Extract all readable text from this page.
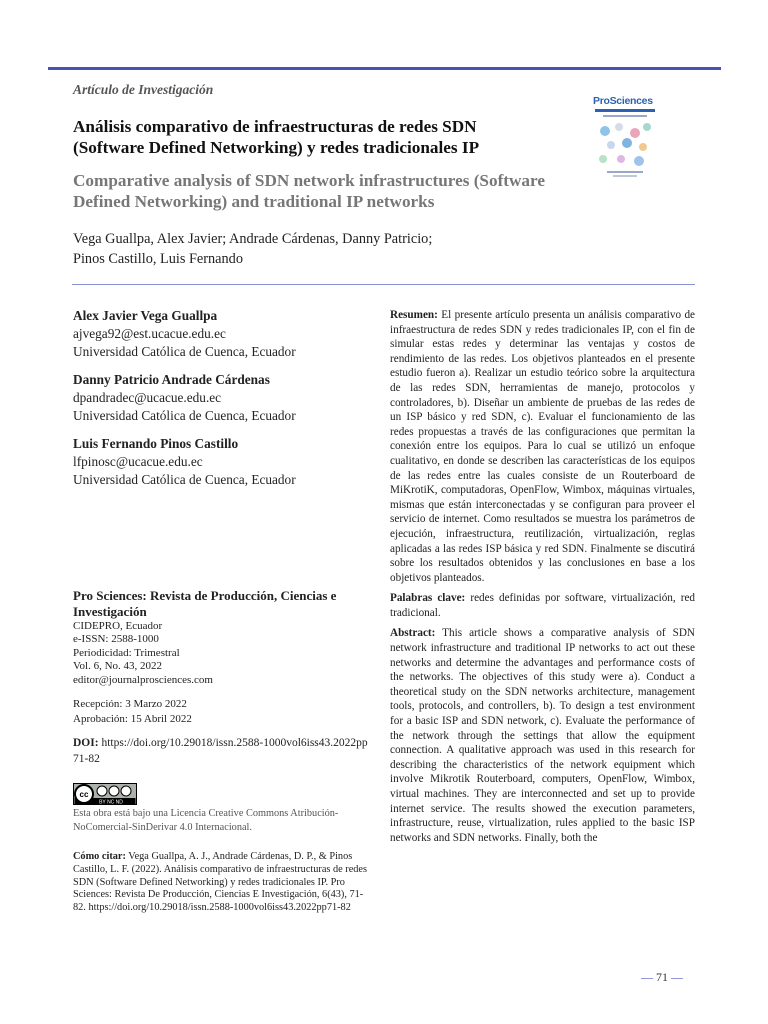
Artículo de Investigación
Análisis comparativo de infraestructuras de redes SDN (Software Defined Networking) y redes tradicionales IP
Comparative analysis of SDN network infrastructures (Software Defined Networking) and traditional IP networks
Vega Guallpa, Alex Javier; Andrade Cárdenas, Danny Patricio;
Pinos Castillo, Luis Fernando
ProSciences
Alex Javier Vega Guallpa
ajvega92@est.ucacue.edu.ec
Universidad Católica de Cuenca, Ecuador
Danny Patricio Andrade Cárdenas
dpandradec@ucacue.edu.ec
Universidad Católica de Cuenca, Ecuador
Luis Fernando Pinos Castillo
lfpinosc@ucacue.edu.ec
Universidad Católica de Cuenca, Ecuador
Pro Sciences: Revista de Producción, Ciencias e Investigación
CIDEPRO, Ecuador
e-ISSN: 2588-1000
Periodicidad: Trimestral
Vol. 6, No. 43, 2022
editor@journalprosciences.com
Recepción: 3 Marzo 2022
Aprobación: 15 Abril 2022
DOI: https://doi.org/10.29018/issn.2588-1000vol6iss43.2022pp71-82
cc
BY NC ND
Esta obra está bajo una Licencia Creative Commons Atribución-NoComercial-SinDerivar 4.0 Internacional.
Cómo citar: Vega Guallpa, A. J., Andrade Cárdenas, D. P., & Pinos Castillo, L. F. (2022). Análisis comparativo de infraestructuras de redes SDN (Software Defined Networking) y redes tradicionales IP. Pro Sciences: Revista De Producción, Ciencias E Investigación, 6(43), 71-82. https://doi.org/10.29018/issn.2588-1000vol6iss43.2022pp71-82

Resumen: El presente artículo presenta un análisis comparativo de infraestructura de redes SDN y redes tradicionales IP, con el fin de simular estas redes y determinar las ventajas y costos de rendimiento de las redes. Los objetivos planteados en el presente estudio fueron a). Realizar un estudio teórico sobre la arquitectura de las redes SDN, herramientas de manejo, protocolos y controladores, b). Diseñar un ambiente de pruebas de las redes de un ISP básico y red SDN, c). Evaluar el funcionamiento de las redes propuestas a través de las configuraciones que permitan la conexión entre los equipos. Para lo cual se utilizó un enfoque cualitativo, en donde se describen las características de los equipos de las redes entre las cuales consiste de un Routerboard de MiKrotiK, computadoras, OpenFlow, Wimbox, máquinas virtuales, mismas que están interconectadas y se configuran para proveer el servicio de internet. Como resultados se muestra los parámetros de ejecución, infraestructura, reutilización, virtualización, reglas aplicadas a las redes ISP básica y red SDN. Finalmente se discutirá sobre los resultados obtenidos y las conclusiones en base a los objetivos planteados.

Palabras clave: redes definidas por software, virtualización, red tradicional.

Abstract: This article shows a comparative analysis of SDN network infrastructure and traditional IP networks to act out these networks and determine the advantages and performance costs of the networks. The objectives of this study were a). Conduct a theoretical study on the SDN networks architecture, management tools, protocols, and controllers, b). To design a test environment for a basic ISP and SDN network, c). Evaluate the performance of the network through the settings that allow the equipment connection. A qualitative approach was used in this research for describing the characteristics of the network equipment which involve Mikrotik Routerboard, computers, OpenFlow, Wimbox, virtual machines. They are interconnected and set up to provide internet service. The results showed the execution parameters, infrastructure, reuse, virtualization, rules applied to the basic ISP networks and SDN networks. Finally, both the

— 71 —
